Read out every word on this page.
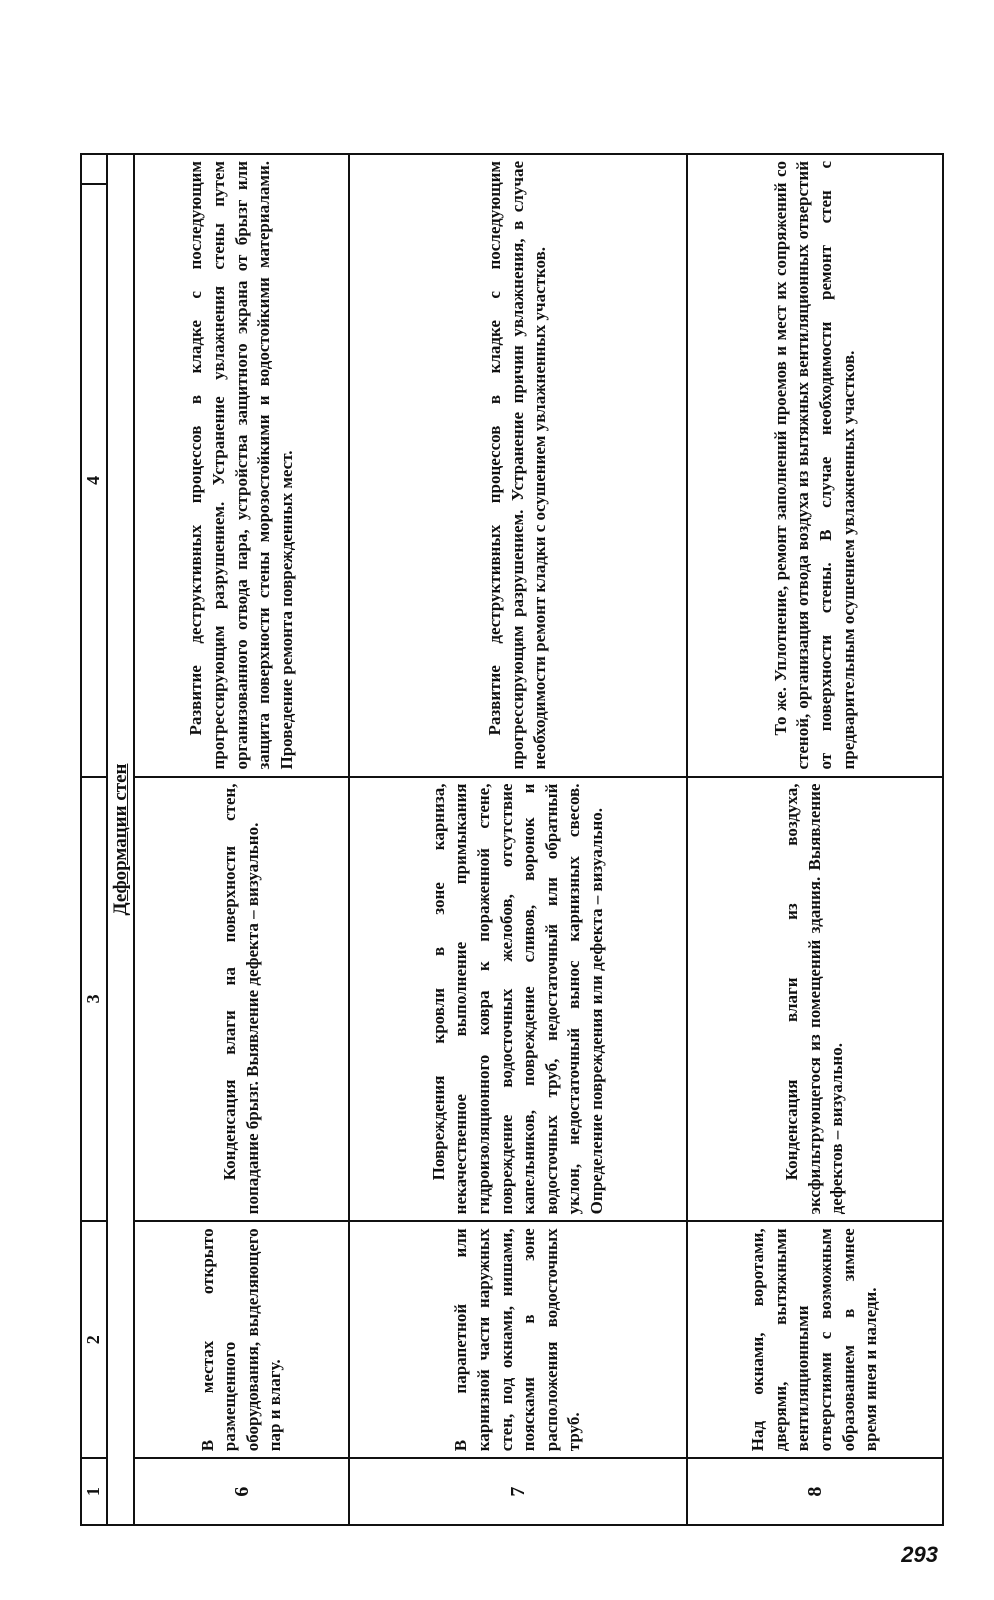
1	2	3	4	
Деформации стен				
6	В местах открыто размещенного оборудования, выделяющего пар и влагу.	Конденсация влаги на поверхности стен, попадание брызг. Выявление дефекта – визуально.	Развитие деструктивных процессов в кладке с последующим прогрессирующим разрушением. Устранение увлажнения стены путем организованного отвода пара, устройства защитного экрана от брызг или защита поверхности стены морозостойкими и водостойкими материалами. Проведение ремонта поврежденных мест.	
7	В парапетной или карнизной части наружных стен, под окнами, нишами, поясками в зоне расположения водосточных труб.	Повреждения кровли в зоне карниза, некачественное выполнение примыкания гидроизоляционного ковра к пораженной стене, повреждение водосточных желобов, отсутствие капельников, повреждение сливов, воронок и водосточных труб, недостаточный или обратный уклон, недостаточный вынос карнизных свесов. Определение повреждения или дефекта – визуально.	Развитие деструктивных процессов в кладке с последующим прогрессирующим разрушением. Устранение причин увлажнения, в случае необходимости ремонт кладки с осушением увлажненных участков.	
8	Над окнами, воротами, дверями, вытяжными вентиляционными отверстиями с возможным образованием в зимнее время инея и наледи.	Конденсация влаги из воздуха, эксфильтрующегося из помещений здания. Выявление дефектов – визуально.	То же. Уплотнение, ремонт заполнений проемов и мест их сопряжений со стеной, организация отвода воздуха из вытяжных вентиляционных отверстий от поверхности стены. В случае необходимости ремонт стен с предварительным осушением увлажненных участков.	
293
